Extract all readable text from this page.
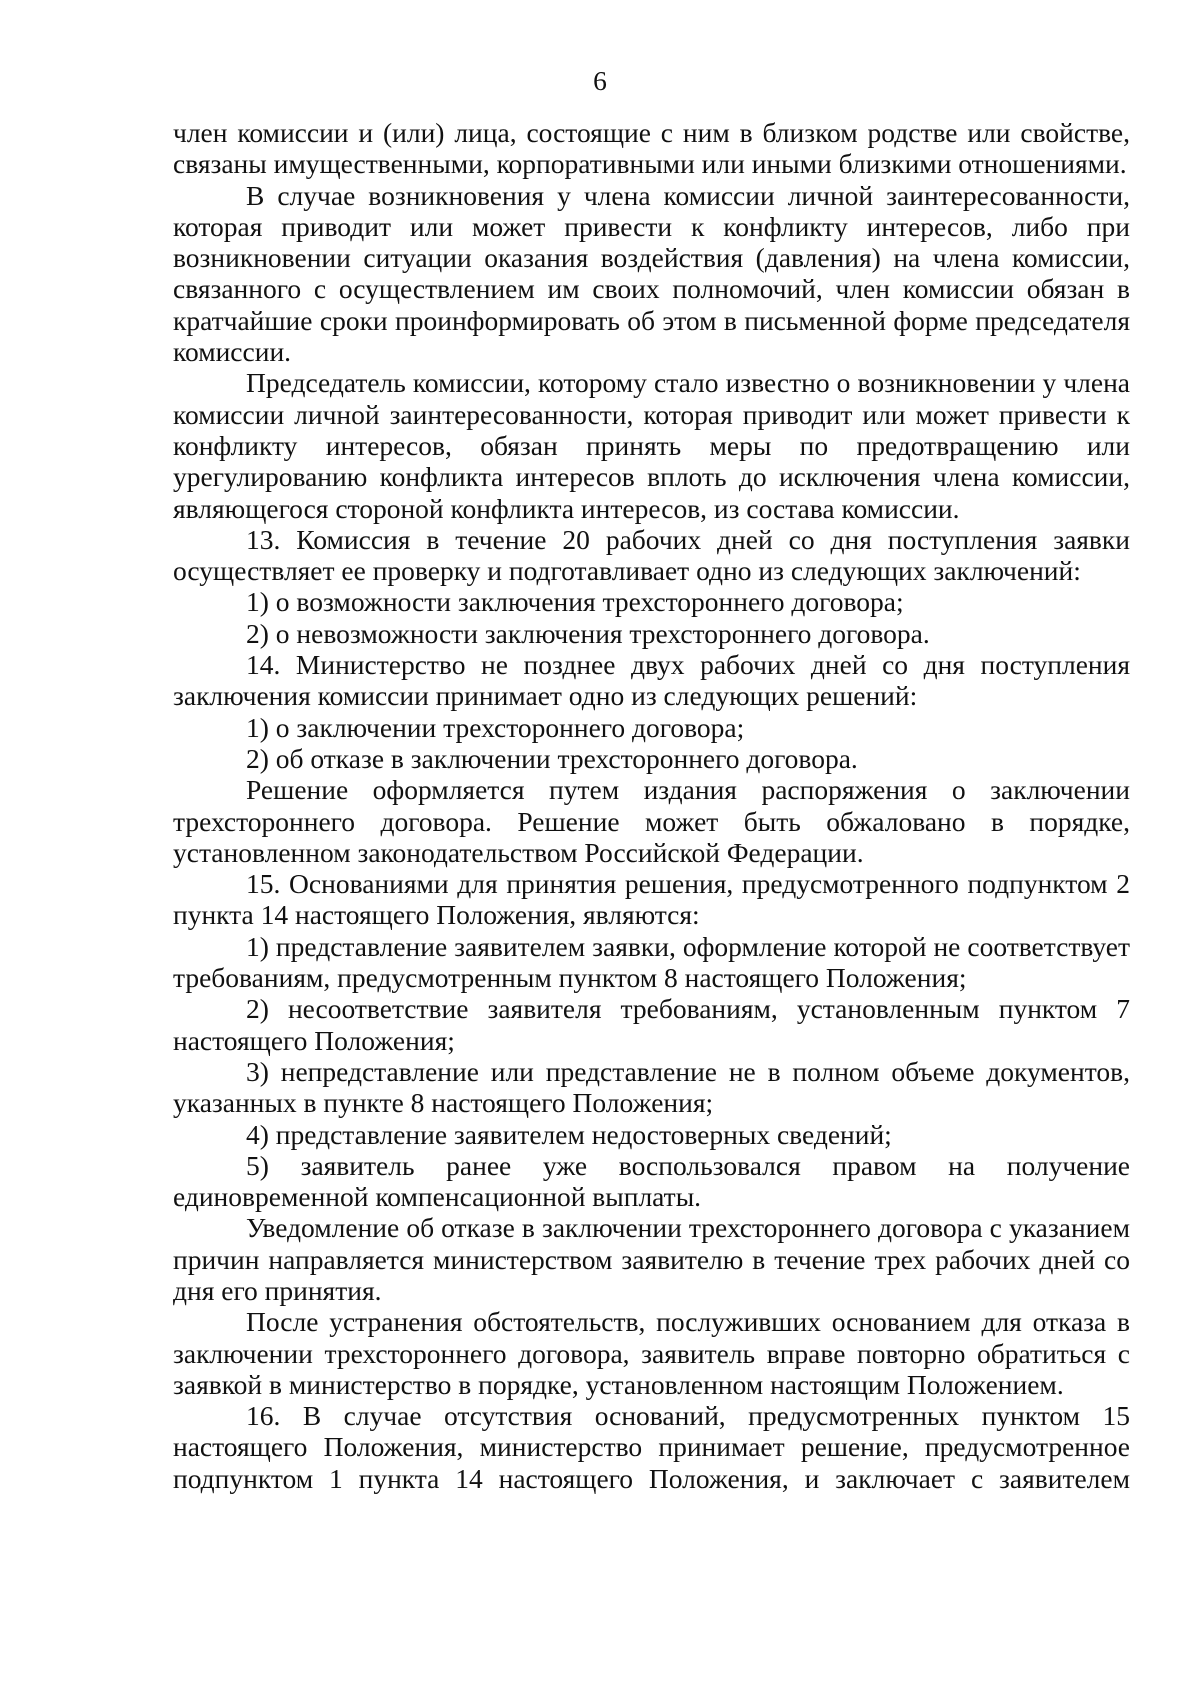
6

член комиссии и (или) лица, состоящие с ним в близком родстве или свойстве, связаны имущественными, корпоративными или иными близкими отношениями.

В случае возникновения у члена комиссии личной заинтересованности, которая приводит или может привести к конфликту интересов, либо при возникновении ситуации оказания воздействия (давления) на члена комиссии, связанного с осуществлением им своих полномочий, член комиссии обязан в кратчайшие сроки проинформировать об этом в письменной форме председателя комиссии.

Председатель комиссии, которому стало известно о возникновении у члена комиссии личной заинтересованности, которая приводит или может привести к конфликту интересов, обязан принять меры по предотвращению или урегулированию конфликта интересов вплоть до исключения члена комиссии, являющегося стороной конфликта интересов, из состава комиссии.

13. Комиссия в течение 20 рабочих дней со дня поступления заявки осуществляет ее проверку и подготавливает одно из следующих заключений:

1) о возможности заключения трехстороннего договора;

2) о невозможности заключения трехстороннего договора.

14. Министерство не позднее двух рабочих дней со дня поступления заключения комиссии принимает одно из следующих решений:

1) о заключении трехстороннего договора;

2) об отказе в заключении трехстороннего договора.

Решение оформляется путем издания распоряжения о заключении трехстороннего договора. Решение может быть обжаловано в порядке, установленном законодательством Российской Федерации.

15. Основаниями для принятия решения, предусмотренного подпунктом 2 пункта 14 настоящего Положения, являются:

1) представление заявителем заявки, оформление которой не соответствует требованиям, предусмотренным пунктом 8 настоящего Положения;

2) несоответствие заявителя требованиям, установленным пунктом 7 настоящего Положения;

3) непредставление или представление не в полном объеме документов, указанных в пункте 8 настоящего Положения;

4) представление заявителем недостоверных сведений;

5) заявитель ранее уже воспользовался правом на получение единовременной компенсационной выплаты.

Уведомление об отказе в заключении трехстороннего договора с указанием причин направляется министерством заявителю в течение трех рабочих дней со дня его принятия.

После устранения обстоятельств, послуживших основанием для отказа в заключении трехстороннего договора, заявитель вправе повторно обратиться с заявкой в министерство в порядке, установленном настоящим Положением.

16. В случае отсутствия оснований, предусмотренных пунктом 15 настоящего Положения, министерство принимает решение, предусмотренное подпунктом 1 пункта 14 настоящего Положения, и заключает с заявителем
